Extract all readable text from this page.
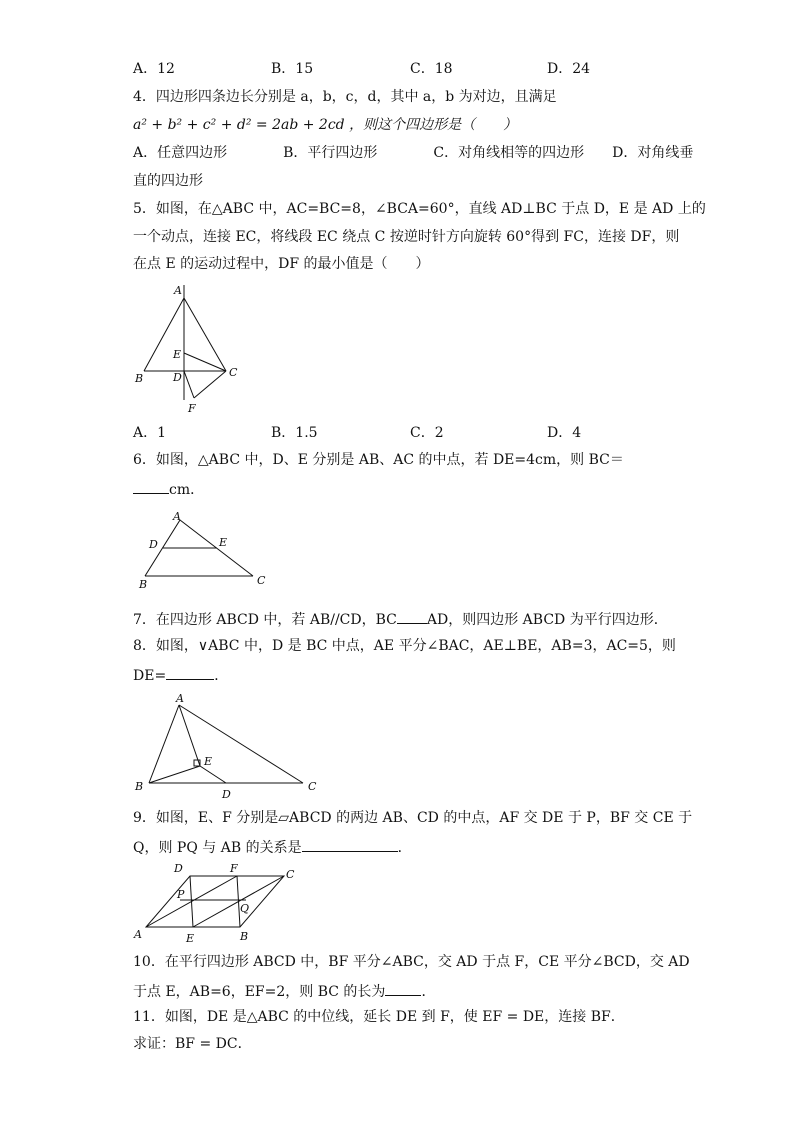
A．12	B．15	C．18	D．24
4．四边形四条边长分别是 a，b，c，d，其中 a，b 为对边，且满足
a² + b² + c² + d² = 2ab + 2cd ，则这个四边形是（　　）
A．任意四边形　　　　B．平行四边形　　　　C．对角线相等的四边形　　D．对角线垂
直的四边形
5．如图，在△ABC 中，AC=BC=8，∠BCA=60°，直线 AD⊥BC 于点 D，E 是 AD 上的
一个动点，连接 EC，将线段 EC 绕点 C 按逆时针方向旋转 60°得到 FC，连接 DF，则
在点 E 的运动过程中，DF 的最小值是（　　）
A
B	C
D
E
F
A．1	B．1.5	C．2	D．4
6．如图，△ABC 中，D、E 分别是 AB、AC 的中点，若 DE=4cm，则 BC＝
cm．
A
B	C
D	E
7．在四边形 ABCD 中，若 AB//CD，BC AD，则四边形 ABCD 为平行四边形．
8．如图，∨ABC 中，D 是 BC 中点，AE 平分∠BAC，AE⊥BE，AB=3，AC=5，则
DE=	．
A
B	C
D
E
9．如图，E、F 分别是▱ABCD 的两边 AB、CD 的中点，AF 交 DE 于 P，BF 交 CE 于
Q，则 PQ 与 AB 的关系是	．
A	B
C
D
E
F
P
Q
10．在平行四边形 ABCD 中，BF 平分∠ABC，交 AD 于点 F，CE 平分∠BCD，交 AD
于点 E，AB=6，EF=2，则 BC 的长为	．
11．如图，DE 是△ABC 的中位线，延长 DE 到 F，使 EF = DE，连接 BF．
求证：BF = DC．
